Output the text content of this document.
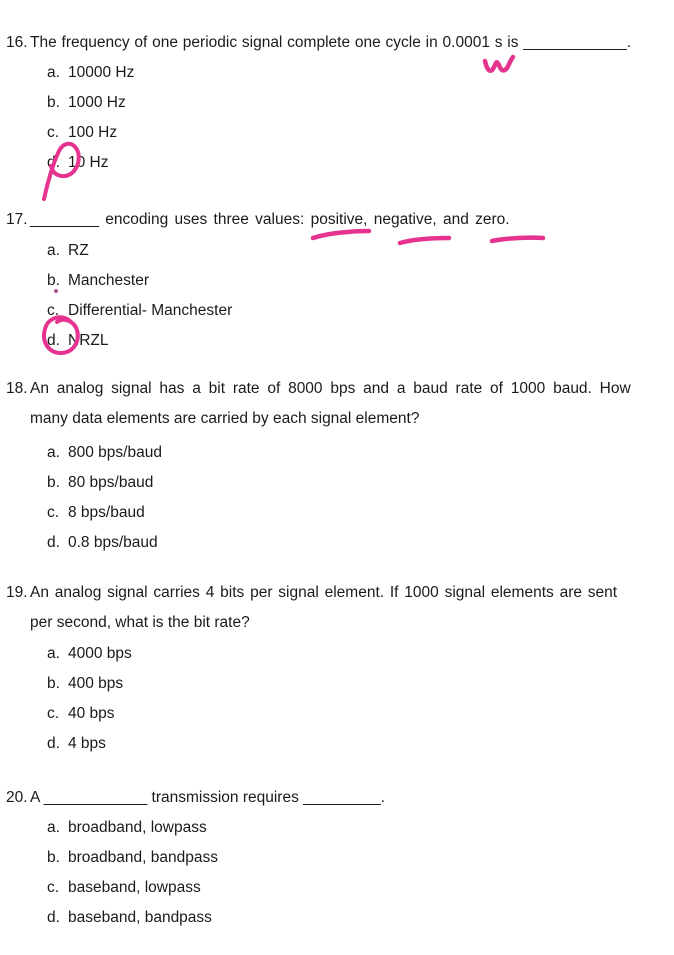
16. The frequency of one periodic signal complete one cycle in 0.0001 s is ____________.
a. 10000 Hz
b. 1000 Hz
c. 100 Hz
d. 10 Hz
17. ________ encoding uses three values: positive, negative, and zero.
a. RZ
b. Manchester
c. Differential- Manchester
d. NRZL
18. An analog signal has a bit rate of 8000 bps and a baud rate of 1000 baud. How
many data elements are carried by each signal element?
a. 800 bps/baud
b. 80 bps/baud
c. 8 bps/baud
d. 0.8 bps/baud
19. An analog signal carries 4 bits per signal element. If 1000 signal elements are sent
per second, what is the bit rate?
a. 4000 bps
b. 400 bps
c. 40 bps
d. 4 bps
20. A ____________ transmission requires _________.
a. broadband, lowpass
b. broadband, bandpass
c. baseband, lowpass
d. baseband, bandpass
